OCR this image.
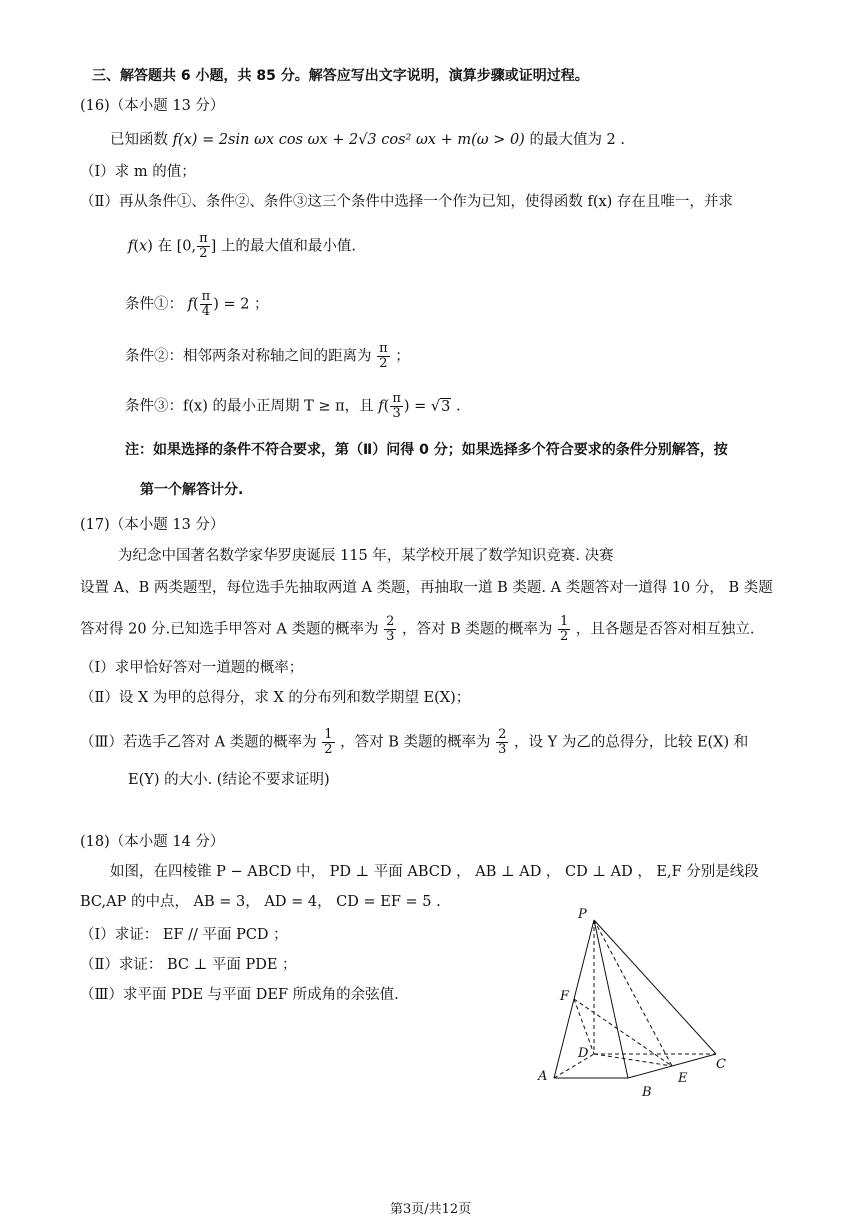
三、解答题共 6 小题，共 85 分。解答应写出文字说明，演算步骤或证明过程。
(16)（本小题 13 分）
已知函数 f(x) = 2sin ωx cos ωx + 2√3 cos² ωx + m(ω > 0) 的最大值为 2 .
（Ⅰ）求 m 的值；
（Ⅱ）再从条件①、条件②、条件③这三个条件中选择一个作为已知，使得函数 f(x) 存在且唯一，并求
f(x) 在 [0, $\frac{\pi}{2}$ ] 上的最大值和最小值.
条件①： $f( \frac{\pi}{4}$ ) = 2 ；
条件②：相邻两条对称轴之间的距离为 $\frac{\pi}{2}$ ；
条件③：f(x) 的最小正周期 T ≥ π，且 $f( \frac{\pi}{3}$ ) = √3 .
注：如果选择的条件不符合要求，第（Ⅱ）问得 0 分；如果选择多个符合要求的条件分别解答，按
第一个解答计分.
(17)（本小题 13 分）
为纪念中国著名数学家华罗庚诞辰 115 年，某学校开展了数学知识竞赛. 决赛
设置 A、B 两类题型，每位选手先抽取两道 A 类题，再抽取一道 B 类题. A 类题答对一道得 10 分， B 类题
答对得 20 分.已知选手甲答对 A 类题的概率为 $\frac{2}{3}$ ，答对 B 类题的概率为 $\frac{1}{2}$ ，且各题是否答对相互独立.
（Ⅰ）求甲恰好答对一道题的概率；
（Ⅱ）设 X 为甲的总得分，求 X 的分布列和数学期望 E(X)；
（Ⅲ）若选手乙答对 A 类题的概率为 $\frac{1}{2}$ ，答对 B 类题的概率为 $\frac{2}{3}$ ，设 Y 为乙的总得分，比较 E(X) 和
E(Y) 的大小. (结论不要求证明)
(18)（本小题 14 分）
如图，在四棱锥 P − ABCD 中， PD ⊥ 平面 ABCD ， AB ⊥ AD ， CD ⊥ AD ， E,F 分别是线段
BC,AP 的中点， AB = 3， AD = 4， CD = EF = 5 .
（Ⅰ）求证： EF // 平面 PCD ；
（Ⅱ）求证： BC ⊥ 平面 PDE ；
（Ⅲ）求平面 PDE 与平面 DEF 所成角的余弦值.
P
F
D
C
A	E
B
第3页/共12页
